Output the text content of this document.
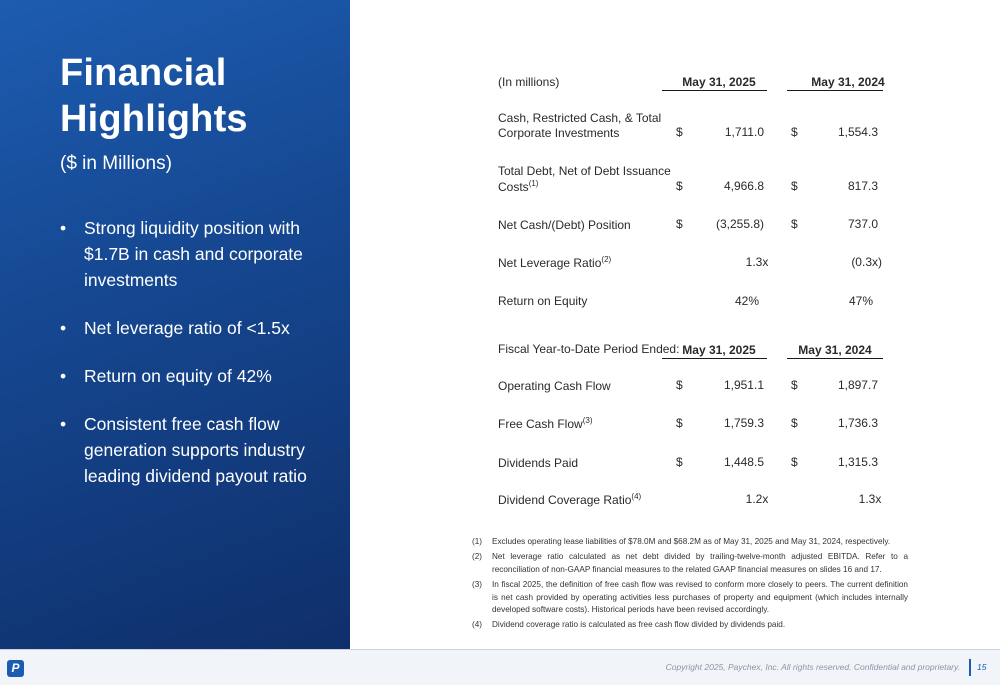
Financial
Highlights
($ in Millions)
• Strong liquidity position with $1.7B in cash and corporate investments
• Net leverage ratio of <1.5x
• Return on equity of 42%
• Consistent free cash flow generation supports industry leading dividend payout ratio
(In millions)	May 31, 2025	May 31, 2024
Cash, Restricted Cash, & Total
Corporate Investments	$	1,711.0 $	1,554.3
Total Debt, Net of Debt Issuance
Costs$^{(1)}$	$	4,966.8 $	817.3
Net Cash/(Debt) Position	$	(3,255.8) $	737.0
Net Leverage Ratio$^{(2)}$	1.3x	(0.3x)
Return on Equity	42%	47%
Fiscal Year-to-Date Period Ended: May 31, 2025	May 31, 2024
Operating Cash Flow	$	1,951.1 $	1,897.7
Free Cash Flow$^{(3)}$	$	1,759.3 $	1,736.3
Dividends Paid	$	1,448.5 $	1,315.3
Dividend Coverage Ratio$^{(4)}$	1.2x	1.3x
(1) Excludes operating lease liabilities of $78.0M and $68.2M as of May 31, 2025 and May 31, 2024, respectively.
(2) Net leverage ratio calculated as net debt divided by trailing-twelve-month adjusted EBITDA. Refer to a reconciliation of non-GAAP financial measures to the related GAAP financial measures on slides 16 and 17.
(3) In fiscal 2025, the definition of free cash flow was revised to conform more closely to peers. The current definition is net cash provided by operating activities less purchases of property and equipment (which includes internally developed software costs). Historical periods have been revised accordingly.
(4) Dividend coverage ratio is calculated as free cash flow divided by dividends paid.
P	Copyright 2025, Paychex, Inc. All rights reserved. Confidential and proprietary. 15
